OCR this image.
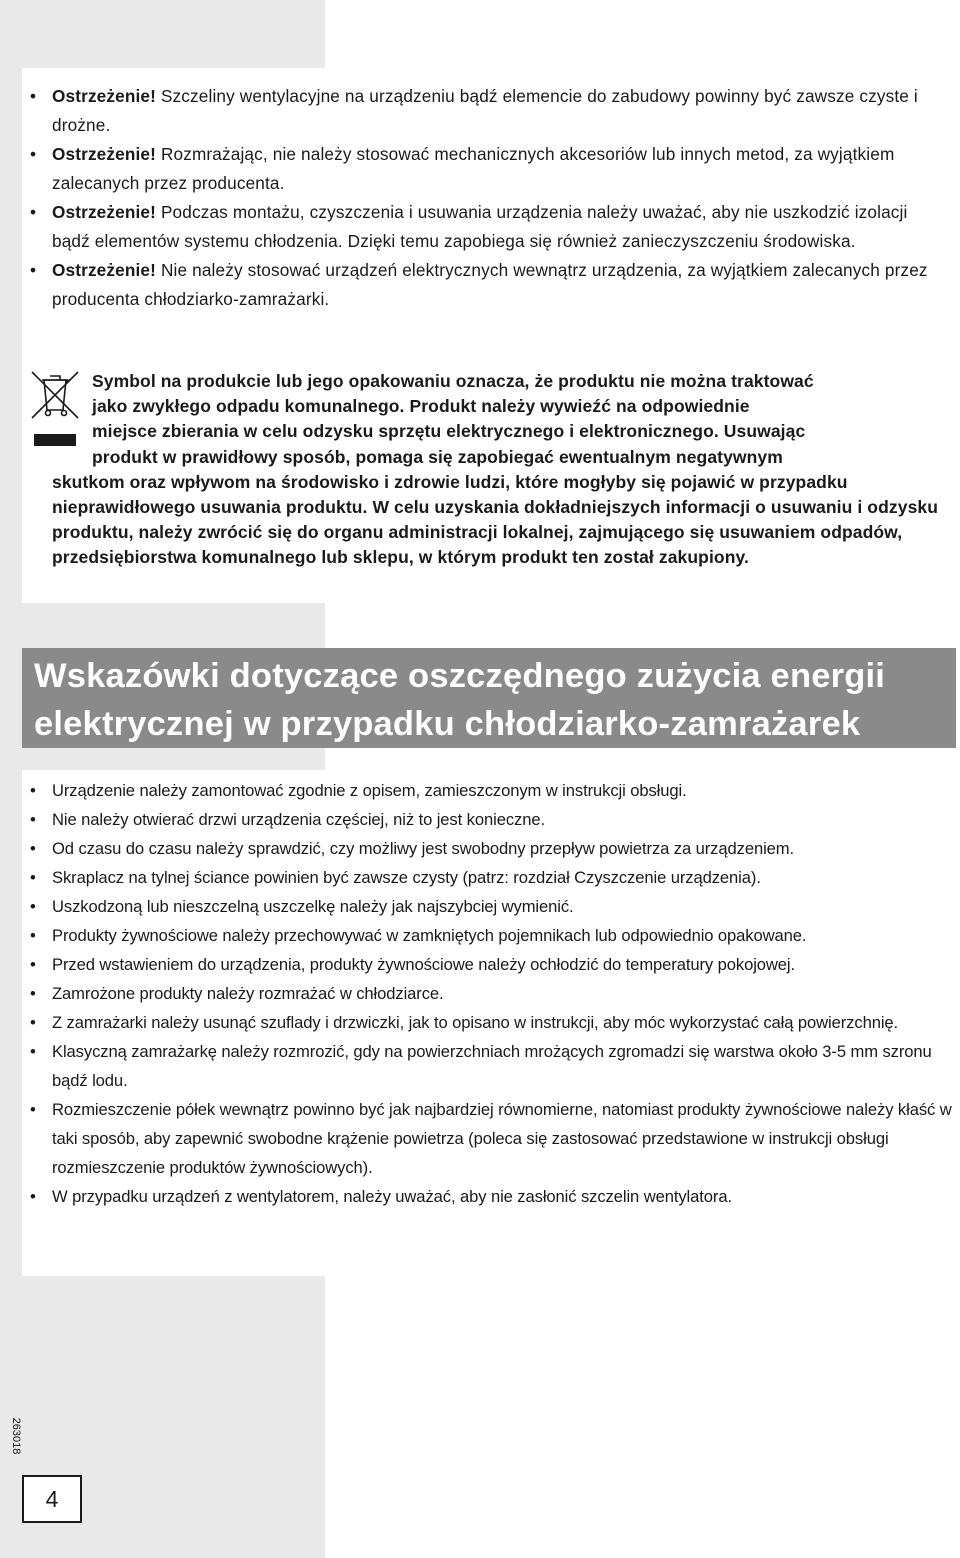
• Ostrzeżenie! Szczeliny wentylacyjne na urządzeniu bądź elemencie do zabudowy powinny być zawsze czyste i drożne.
• Ostrzeżenie! Rozmrażając, nie należy stosować mechanicznych akcesoriów lub innych metod, za wyjątkiem zalecanych przez producenta.
• Ostrzeżenie! Podczas montażu, czyszczenia i usuwania urządzenia należy uważać, aby nie uszkodzić izolacji bądź elementów systemu chłodzenia. Dzięki temu zapobiega się również zanieczyszczeniu środowiska.
• Ostrzeżenie! Nie należy stosować urządzeń elektrycznych wewnątrz urządzenia, za wyjątkiem zalecanych przez producenta chłodziarko-zamrażarki.
Symbol na produkcie lub jego opakowaniu oznacza, że produktu nie można traktować
jako zwykłego odpadu komunalnego. Produkt należy wywieźć na odpowiednie
miejsce zbierania w celu odzysku sprzętu elektrycznego i elektronicznego. Usuwając
produkt w prawidłowy sposób, pomaga się zapobiegać ewentualnym negatywnym
skutkom oraz wpływom na środowisko i zdrowie ludzi, które mogłyby się pojawić w przypadku nieprawidłowego usuwania produktu. W celu uzyskania dokładniejszych informacji o usuwaniu i odzysku produktu, należy zwrócić się do organu administracji lokalnej, zajmującego się usuwaniem odpadów, przedsiębiorstwa komunalnego lub sklepu, w którym produkt ten został zakupiony.
Wskazówki dotyczące oszczędnego zużycia energii
elektrycznej w przypadku chłodziarko-zamrażarek
• Urządzenie należy zamontować zgodnie z opisem, zamieszczonym w instrukcji obsługi.
• Nie należy otwierać drzwi urządzenia częściej, niż to jest konieczne.
• Od czasu do czasu należy sprawdzić, czy możliwy jest swobodny przepływ powietrza za urządzeniem.
• Skraplacz na tylnej ściance powinien być zawsze czysty (patrz: rozdział Czyszczenie urządzenia).
• Uszkodzoną lub nieszczelną uszczelkę należy jak najszybciej wymienić.
• Produkty żywnościowe należy przechowywać w zamkniętych pojemnikach lub odpowiednio opakowane.
• Przed wstawieniem do urządzenia, produkty żywnościowe należy ochłodzić do temperatury pokojowej.
• Zamrożone produkty należy rozmrażać w chłodziarce.
• Z zamrażarki należy usunąć szuflady i drzwiczki, jak to opisano w instrukcji, aby móc wykorzystać całą powierzchnię.
• Klasyczną zamrażarkę należy rozmrozić, gdy na powierzchniach mrożących zgromadzi się warstwa około 3-5 mm szronu bądź lodu.
• Rozmieszczenie półek wewnątrz powinno być jak najbardziej równomierne, natomiast produkty żywnościowe należy kłaść w taki sposób, aby zapewnić swobodne krążenie powietrza (poleca się zastosować przedstawione w instrukcji obsługi rozmieszczenie produktów żywnościowych).
• W przypadku urządzeń z wentylatorem, należy uważać, aby nie zasłonić szczelin wentylatora.
263018
4
